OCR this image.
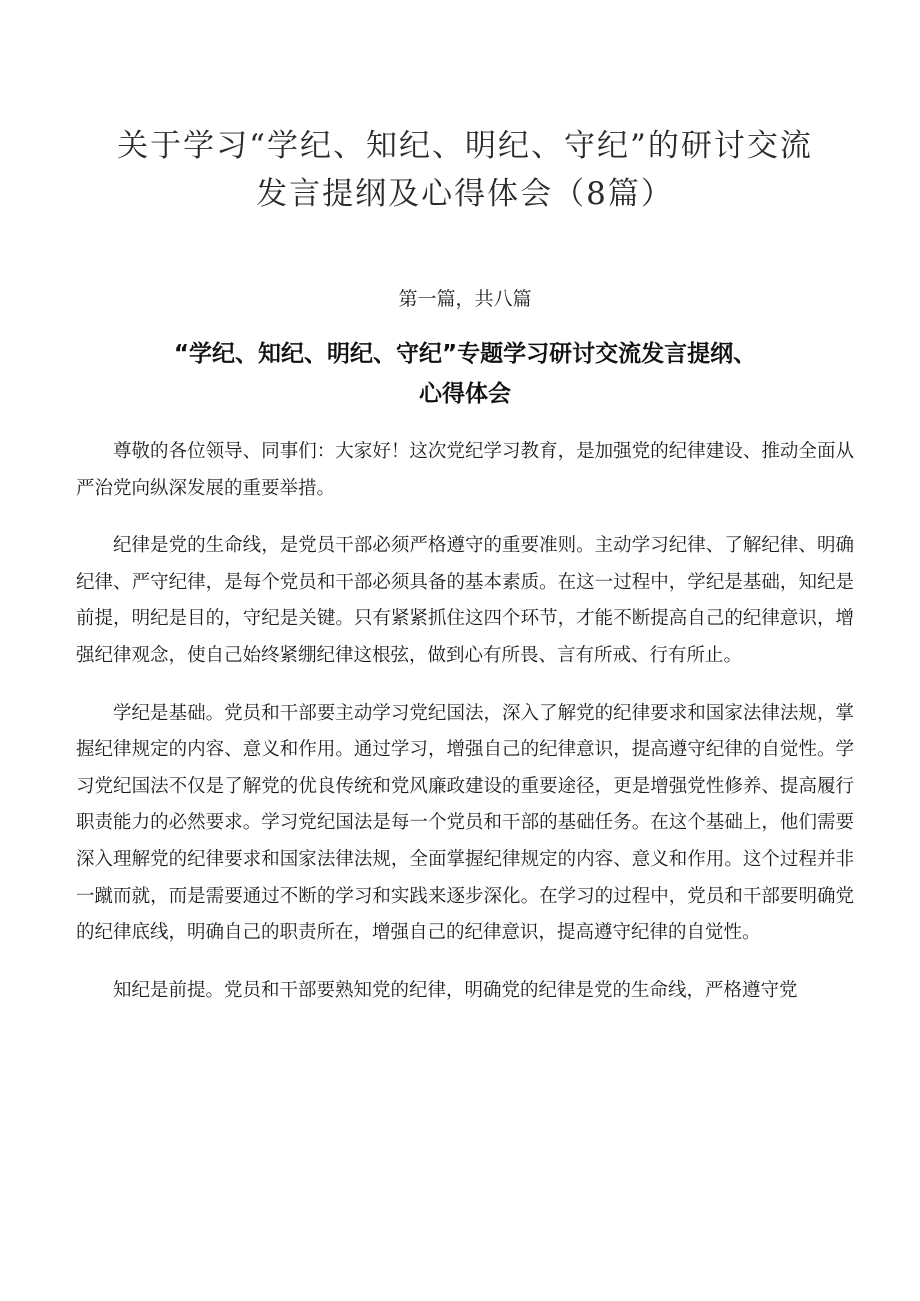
关于学习“学纪、知纪、明纪、守纪”的研讨交流
发言提纲及心得体会（8篇）
第一篇，共八篇
“学纪、知纪、明纪、守纪”专题学习研讨交流发言提纲、
心得体会

尊敬的各位领导、同事们：大家好！这次党纪学习教育，是加强党的纪律建设、推动全面从严治党向纵深发展的重要举措。

纪律是党的生命线，是党员干部必须严格遵守的重要准则。主动学习纪律、了解纪律、明确纪律、严守纪律，是每个党员和干部必须具备的基本素质。在这一过程中，学纪是基础，知纪是前提，明纪是目的，守纪是关键。只有紧紧抓住这四个环节，才能不断提高自己的纪律意识，增强纪律观念，使自己始终紧绷纪律这根弦，做到心有所畏、言有所戒、行有所止。

学纪是基础。党员和干部要主动学习党纪国法，深入了解党的纪律要求和国家法律法规，掌握纪律规定的内容、意义和作用。通过学习，增强自己的纪律意识，提高遵守纪律的自觉性。学习党纪国法不仅是了解党的优良传统和党风廉政建设的重要途径，更是增强党性修养、提高履行职责能力的必然要求。学习党纪国法是每一个党员和干部的基础任务。在这个基础上，他们需要深入理解党的纪律要求和国家法律法规，全面掌握纪律规定的内容、意义和作用。这个过程并非一蹴而就，而是需要通过不断的学习和实践来逐步深化。在学习的过程中，党员和干部要明确党的纪律底线，明确自己的职责所在，增强自己的纪律意识，提高遵守纪律的自觉性。

知纪是前提。党员和干部要熟知党的纪律，明确党的纪律是党的生命线，严格遵守党
